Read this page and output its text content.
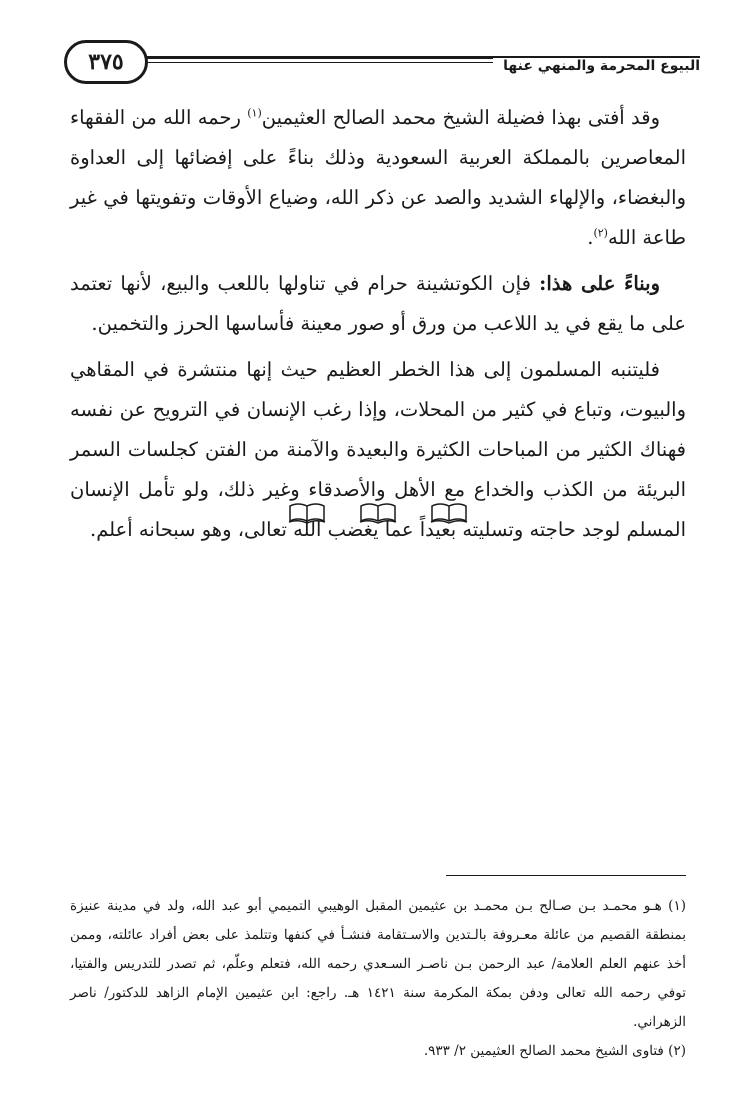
٣٧٥	البيوع المحرمة والمنهي عنها

وقد أفتى بهذا فضيلة الشيخ محمد الصالح العثيمين$^{(١)}$ رحمه الله من الفقهاء المعاصرين بالمملكة العربية السعودية وذلك بناءً على إفضائها إلى العداوة والبغضاء، والإلهاء الشديد والصد عن ذكر الله، وضياع الأوقات وتفويتها في غير طاعة الله$^{(٢)}$.

وبناءً على هذا: فإن الكوتشينة حرام في تناولها باللعب والبيع، لأنها تعتمد على ما يقع في يد اللاعب من ورق أو صور معينة فأساسها الحرز والتخمين.

فليتنبه المسلمون إلى هذا الخطر العظيم حيث إنها منتشرة في المقاهي والبيوت، وتباع في كثير من المحلات، وإذا رغب الإنسان في الترويح عن نفسه فهناك الكثير من المباحات الكثيرة والبعيدة والآمنة من الفتن كجلسات السمر البريئة من الكذب والخداع مع الأهل والأصدقاء وغير ذلك، ولو تأمل الإنسان المسلم لوجد حاجته وتسليته بعيداً عما يغضب الله تعالى، وهو سبحانه أعلم.

(١) هـو محمـد بـن صـالح بـن محمـد بن عثيمين المقبل الوهيبي التميمي أبو عبد الله، ولد في مدينة عنيزة بمنطقة القصيم من عائلة معـروفة بالـتدين والاسـتقامة فنشـأ في كنفها وتتلمذ على بعض أفراد عائلته، وممن أخذ عنهم العلم العلامة/ عبد الرحمن بـن ناصـر السـعدي رحمه الله، فتعلم وعلّم، ثم تصدر للتدريس والفتيا، توفي رحمه الله تعالى ودفن بمكة المكرمة سنة ١٤٢١ هـ. راجع: ابن عثيمين الإمام الزاهد للدكتور/ ناصر الزهراني.

(٢) فتاوى الشيخ محمد الصالح العثيمين ٢/ ٩٣٣.
